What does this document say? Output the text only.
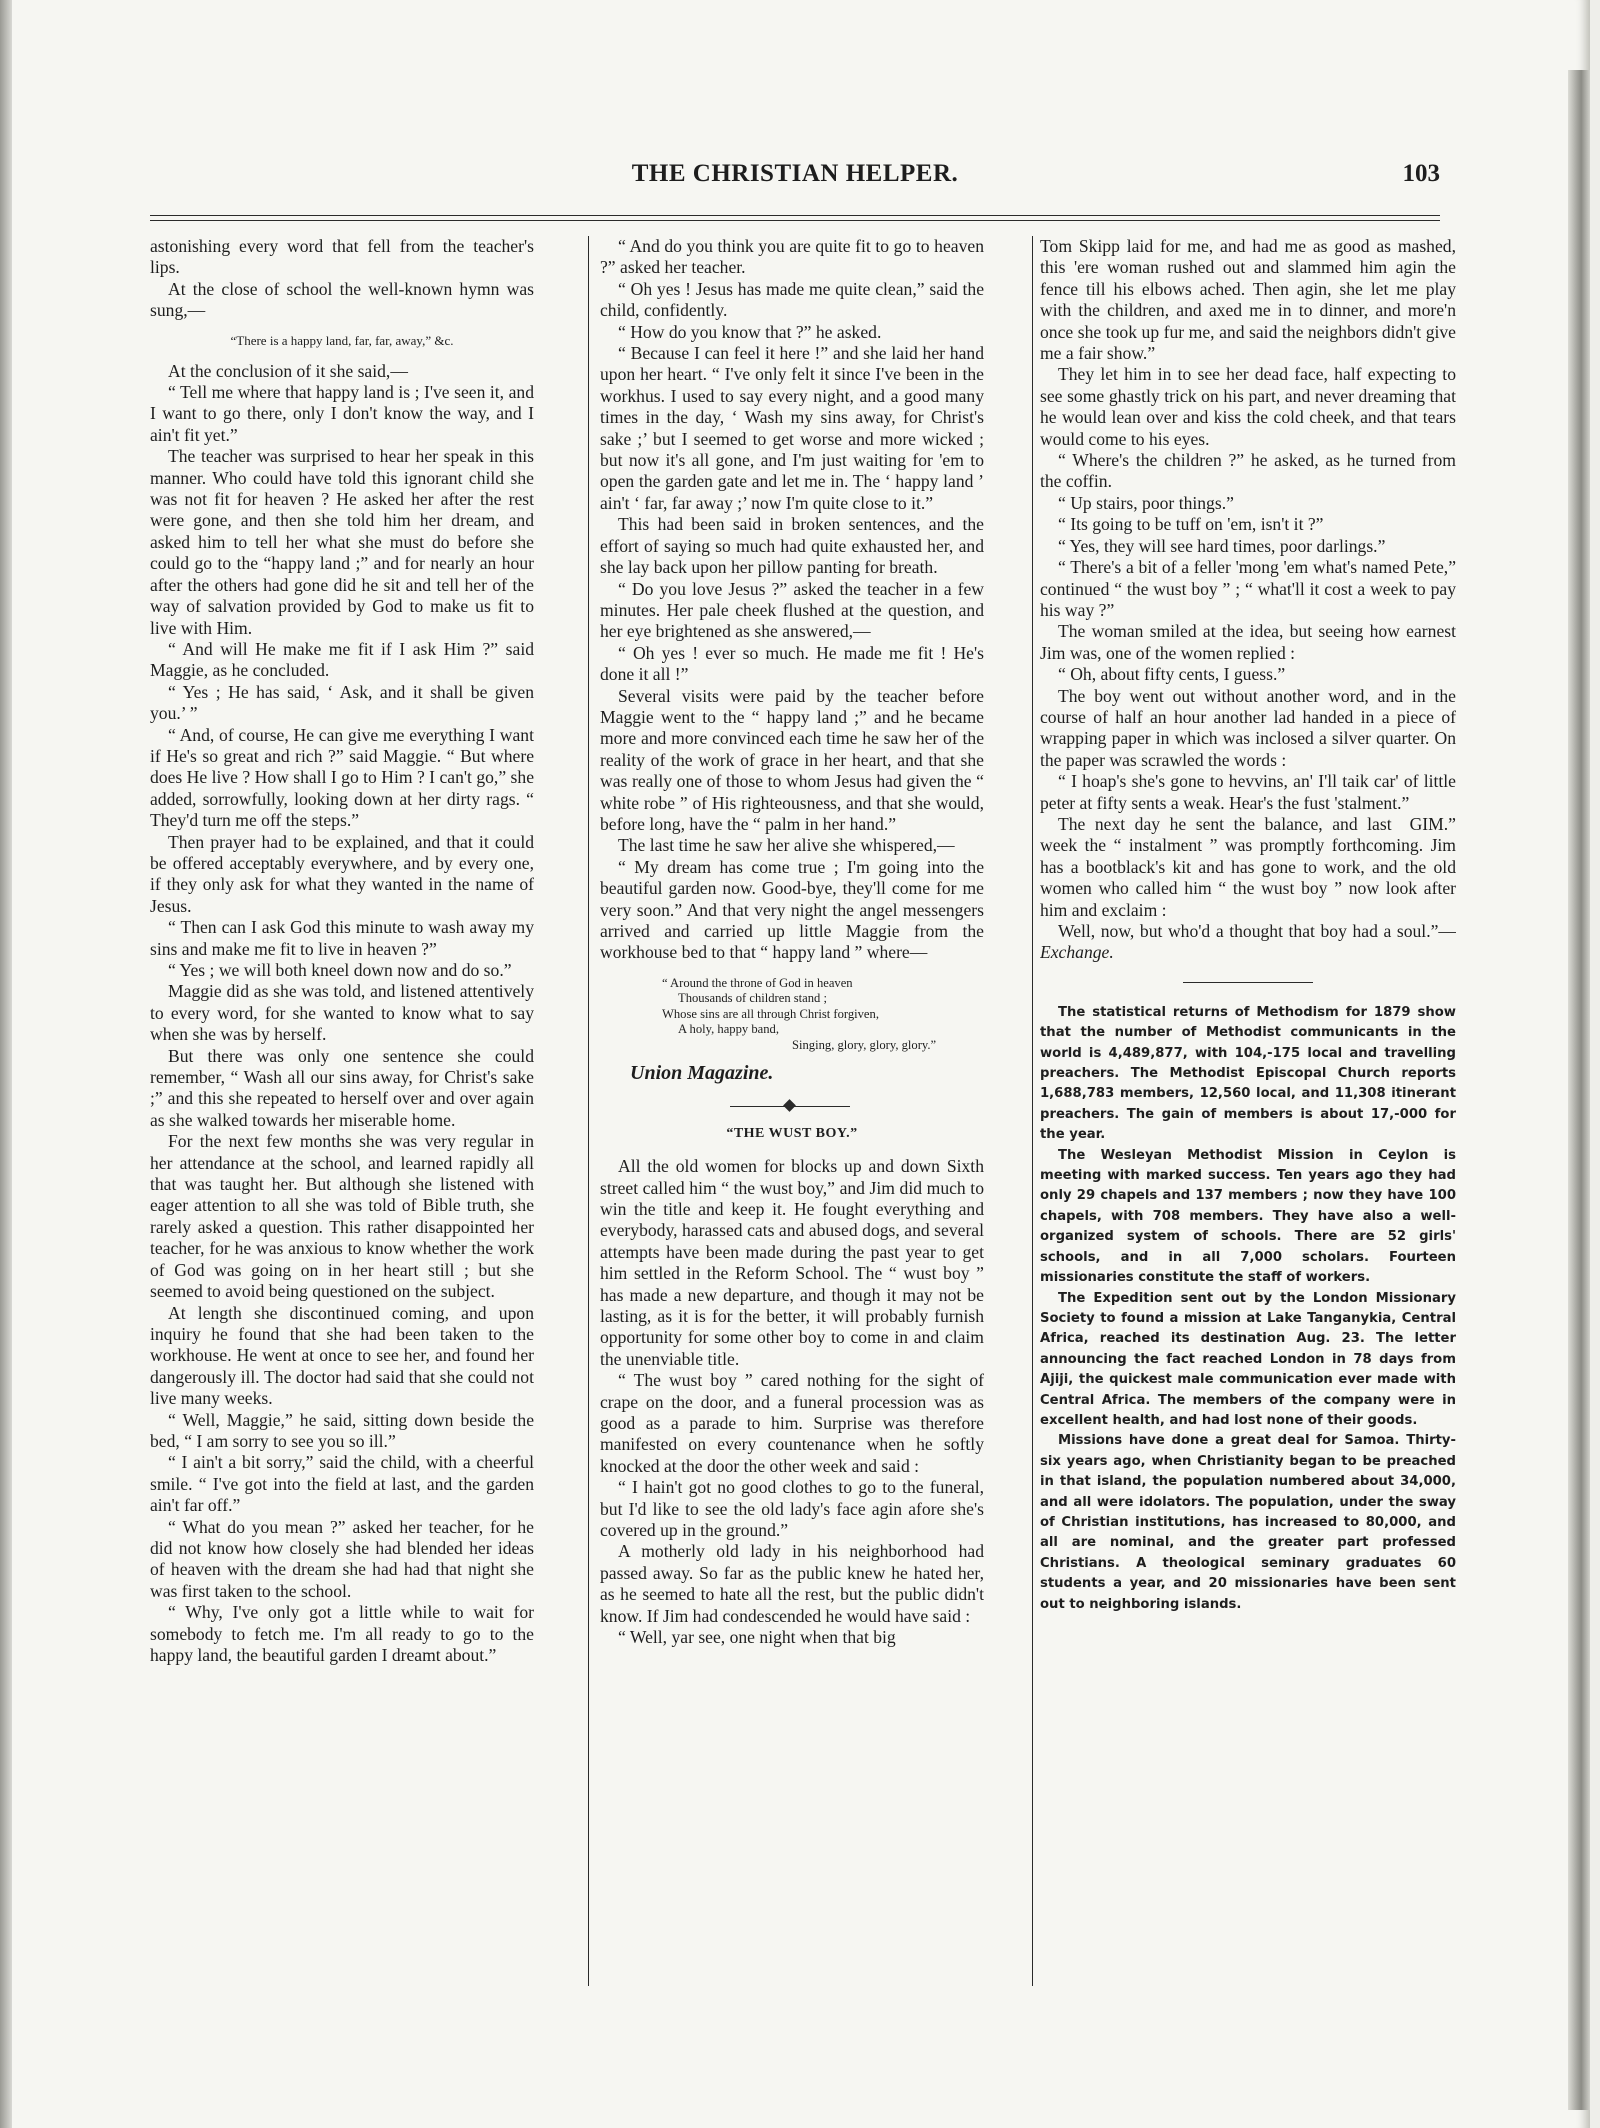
THE CHRISTIAN HELPER.	103

astonishing every word that fell from the teacher's lips.

At the close of school the well-known hymn was sung,—

“There is a happy land, far, far, away,” &c.

At the conclusion of it she said,—

“ Tell me where that happy land is ; I've seen it, and I want to go there, only I don't know the way, and I ain't fit yet.”

The teacher was surprised to hear her speak in this manner. Who could have told this ignorant child she was not fit for heaven ? He asked her after the rest were gone, and then she told him her dream, and asked him to tell her what she must do before she could go to the “happy land ;” and for nearly an hour after the others had gone did he sit and tell her of the way of salvation provided by God to make us fit to live with Him.

“ And will He make me fit if I ask Him ?” said Maggie, as he concluded.

“ Yes ; He has said, ‘ Ask, and it shall be given you.’ ”

“ And, of course, He can give me everything I want if He's so great and rich ?” said Maggie. “ But where does He live ? How shall I go to Him ? I can't go,” she added, sorrowfully, looking down at her dirty rags. “ They'd turn me off the steps.”

Then prayer had to be explained, and that it could be offered acceptably everywhere, and by every one, if they only ask for what they wanted in the name of Jesus.

“ Then can I ask God this minute to wash away my sins and make me fit to live in heaven ?”

“ Yes ; we will both kneel down now and do so.”

Maggie did as she was told, and listened attentively to every word, for she wanted to know what to say when she was by herself.

But there was only one sentence she could remember, “ Wash all our sins away, for Christ's sake ;” and this she repeated to herself over and over again as she walked towards her miserable home.

For the next few months she was very regular in her attendance at the school, and learned rapidly all that was taught her. But although she listened with eager attention to all she was told of Bible truth, she rarely asked a question. This rather disappointed her teacher, for he was anxious to know whether the work of God was going on in her heart still ; but she seemed to avoid being questioned on the subject.

At length she discontinued coming, and upon inquiry he found that she had been taken to the workhouse. He went at once to see her, and found her dangerously ill. The doctor had said that she could not live many weeks.

“ Well, Maggie,” he said, sitting down beside the bed, “ I am sorry to see you so ill.”

“ I ain't a bit sorry,” said the child, with a cheerful smile. “ I've got into the field at last, and the garden ain't far off.”

“ What do you mean ?” asked her teacher, for he did not know how closely she had blended her ideas of heaven with the dream she had had that night she was first taken to the school.

“ Why, I've only got a little while to wait for somebody to fetch me. I'm all ready to go to the happy land, the beautiful garden I dreamt about.”

“ And do you think you are quite fit to go to heaven ?” asked her teacher.

“ Oh yes ! Jesus has made me quite clean,” said the child, confidently.

“ How do you know that ?” he asked.

“ Because I can feel it here !” and she laid her hand upon her heart. “ I've only felt it since I've been in the workhus. I used to say every night, and a good many times in the day, ‘ Wash my sins away, for Christ's sake ;’ but I seemed to get worse and more wicked ; but now it's all gone, and I'm just waiting for 'em to open the garden gate and let me in. The ‘ happy land ’ ain't ‘ far, far away ;’ now I'm quite close to it.”

This had been said in broken sentences, and the effort of saying so much had quite exhausted her, and she lay back upon her pillow panting for breath.

“ Do you love Jesus ?” asked the teacher in a few minutes. Her pale cheek flushed at the question, and her eye brightened as she answered,—

“ Oh yes ! ever so much. He made me fit ! He's done it all !”

Several visits were paid by the teacher before Maggie went to the “ happy land ;” and he became more and more convinced each time he saw her of the reality of the work of grace in her heart, and that she was really one of those to whom Jesus had given the “ white robe ” of His righteousness, and that she would, before long, have the “ palm in her hand.”

The last time he saw her alive she whispered,—

“ My dream has come true ; I'm going into the beautiful garden now. Good-bye, they'll come for me very soon.” And that very night the angel messengers arrived and carried up little Maggie from the workhouse bed to that “ happy land ” where—

“ Around the throne of God in heaven
Thousands of children stand ;
Whose sins are all through Christ forgiven,
A holy, happy band,
Singing, glory, glory, glory.”
Union Magazine.
“THE WUST BOY.”

All the old women for blocks up and down Sixth street called him “ the wust boy,” and Jim did much to win the title and keep it. He fought everything and everybody, harassed cats and abused dogs, and several attempts have been made during the past year to get him settled in the Reform School. The “ wust boy ” has made a new departure, and though it may not be lasting, as it is for the better, it will probably furnish opportunity for some other boy to come in and claim the unenviable title.

“ The wust boy ” cared nothing for the sight of crape on the door, and a funeral procession was as good as a parade to him. Surprise was therefore manifested on every countenance when he softly knocked at the door the other week and said :

“ I hain't got no good clothes to go to the funeral, but I'd like to see the old lady's face agin afore she's covered up in the ground.”

A motherly old lady in his neighborhood had passed away. So far as the public knew he hated her, as he seemed to hate all the rest, but the public didn't know. If Jim had condescended he would have said :

“ Well, yar see, one night when that big

Tom Skipp laid for me, and had me as good as mashed, this 'ere woman rushed out and slammed him agin the fence till his elbows ached. Then agin, she let me play with the children, and axed me in to dinner, and more'n once she took up fur me, and said the neighbors didn't give me a fair show.”

They let him in to see her dead face, half expecting to see some ghastly trick on his part, and never dreaming that he would lean over and kiss the cold cheek, and that tears would come to his eyes.

“ Where's the children ?” he asked, as he turned from the coffin.

“ Up stairs, poor things.”

“ Its going to be tuff on 'em, isn't it ?”

“ Yes, they will see hard times, poor darlings.”

“ There's a bit of a feller 'mong 'em what's named Pete,” continued “ the wust boy ” ; “ what'll it cost a week to pay his way ?”

The woman smiled at the idea, but seeing how earnest Jim was, one of the women replied :

“ Oh, about fifty cents, I guess.”

The boy went out without another word, and in the course of half an hour another lad handed in a piece of wrapping paper in which was inclosed a silver quarter. On the paper was scrawled the words :

“ I hoap's she's gone to hevvins, an' I'll taik car' of little peter at fifty sents a weak. Hear's the fust 'stalment.”
GIM.”

The next day he sent the balance, and last week the “ instalment ” was promptly forthcoming. Jim has a bootblack's kit and has gone to work, and the old women who called him “ the wust boy ” now look after him and exclaim :

Well, now, but who'd a thought that boy had a soul.”—Exchange.

The statistical returns of Methodism for 1879 show that the number of Methodist communicants in the world is 4,489,877, with 104,-175 local and travelling preachers. The Methodist Episcopal Church reports 1,688,783 members, 12,560 local, and 11,308 itinerant preachers. The gain of members is about 17,-000 for the year.

The Wesleyan Methodist Mission in Ceylon is meeting with marked success. Ten years ago they had only 29 chapels and 137 members ; now they have 100 chapels, with 708 members. They have also a well-organized system of schools. There are 52 girls' schools, and in all 7,000 scholars. Fourteen missionaries constitute the staff of workers.

The Expedition sent out by the London Missionary Society to found a mission at Lake Tanganykia, Central Africa, reached its destination Aug. 23. The letter announcing the fact reached London in 78 days from Ajiji, the quickest male communication ever made with Central Africa. The members of the company were in excellent health, and had lost none of their goods.

Missions have done a great deal for Samoa. Thirty-six years ago, when Christianity began to be preached in that island, the population numbered about 34,000, and all were idolators. The population, under the sway of Christian institutions, has increased to 80,000, and all are nominal, and the greater part professed Christians. A theological seminary graduates 60 students a year, and 20 missionaries have been sent out to neighboring islands.
